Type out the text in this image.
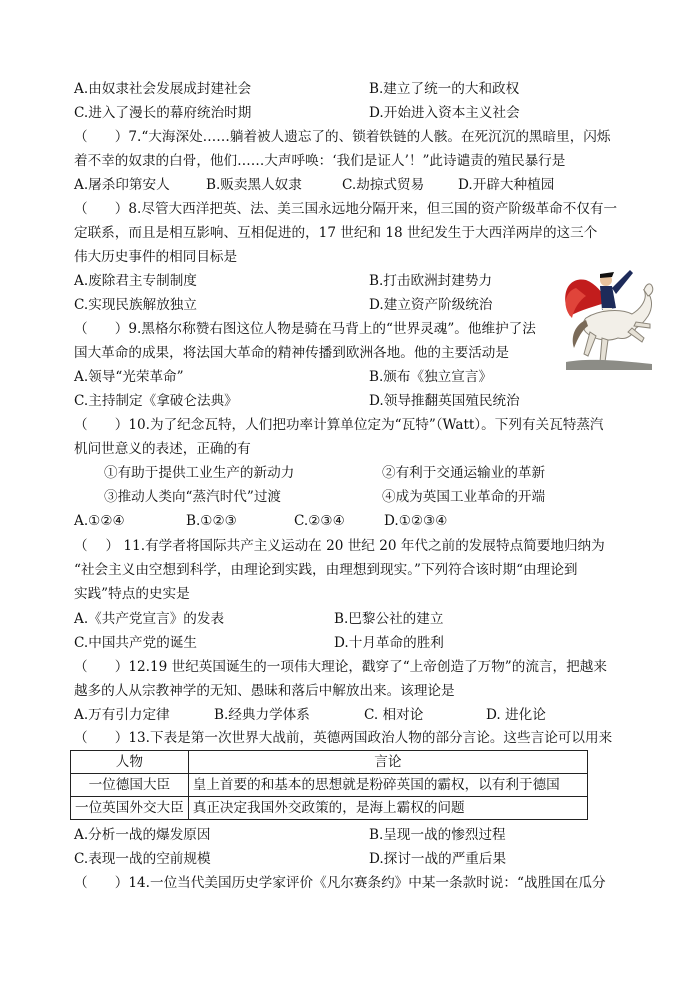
A.由奴隶社会发展成封建社会	B.建立了统一的大和政权
C.进入了漫长的幕府统治时期	D.开始进入资本主义社会
（　　）7.“大海深处……躺着被人遗忘了的、锁着铁链的人骸。在死沉沉的黑暗里，闪烁
着不幸的奴隶的白骨，他们……大声呼唤：‘我们是证人’！”此诗谴责的殖民暴行是
A.屠杀印第安人	B.贩卖黑人奴隶	C.劫掠式贸易 D.开辟大种植园
（　　）8.尽管大西洋把英、法、美三国永远地分隔开来，但三国的资产阶级革命不仅有一
定联系，而且是相互影响、互相促进的，17 世纪和 18 世纪发生于大西洋两岸的这三个
伟大历史事件的相同目标是
A.废除君主专制制度	B.打击欧洲封建势力
C.实现民族解放独立	D.建立资产阶级统治
（　　）9.黑格尔称赞右图这位人物是骑在马背上的“世界灵魂”。他维护了法
国大革命的成果，将法国大革命的精神传播到欧洲各地。他的主要活动是
A.领导“光荣革命”	B.颁布《独立宣言》
C.主持制定《拿破仑法典》	D.领导推翻英国殖民统治
（　　）10.为了纪念瓦特，人们把功率计算单位定为“瓦特”（Watt）。下列有关瓦特蒸汽
机问世意义的表述，正确的有
①有助于提供工业生产的新动力	②有利于交通运输业的革新
③推动人类向“蒸汽时代”过渡	④成为英国工业革命的开端
A.①②④	B.①②③	C.②③④	D.①②③④
（　 ） 11.有学者将国际共产主义运动在 20 世纪 20 年代之前的发展特点简要地归纳为
“社会主义由空想到科学，由理论到实践，由理想到现实。”下列符合该时期“由理论到
实践”特点的史实是
A.《共产党宣言》的发表	B.巴黎公社的建立
C.中国共产党的诞生	D.十月革命的胜利
（　　）12.19 世纪英国诞生的一项伟大理论，戳穿了“上帝创造了万物”的流言，把越来
越多的人从宗教神学的无知、愚昧和落后中解放出来。该理论是
A.万有引力定律	B.经典力学体系	C. 相对论	D. 进化论
（　　）13.下表是第一次世界大战前，英德两国政治人物的部分言论。这些言论可以用来
人物	言论
一位德国大臣	皇上首要的和基本的思想就是粉碎英国的霸权，以有利于德国
一位英国外交大臣	真正决定我国外交政策的，是海上霸权的问题
A.分析一战的爆发原因	B.呈现一战的惨烈过程
C.表现一战的空前规模	D.探讨一战的严重后果
（　　）14.一位当代美国历史学家评价《凡尔赛条约》中某一条款时说：“战胜国在瓜分
